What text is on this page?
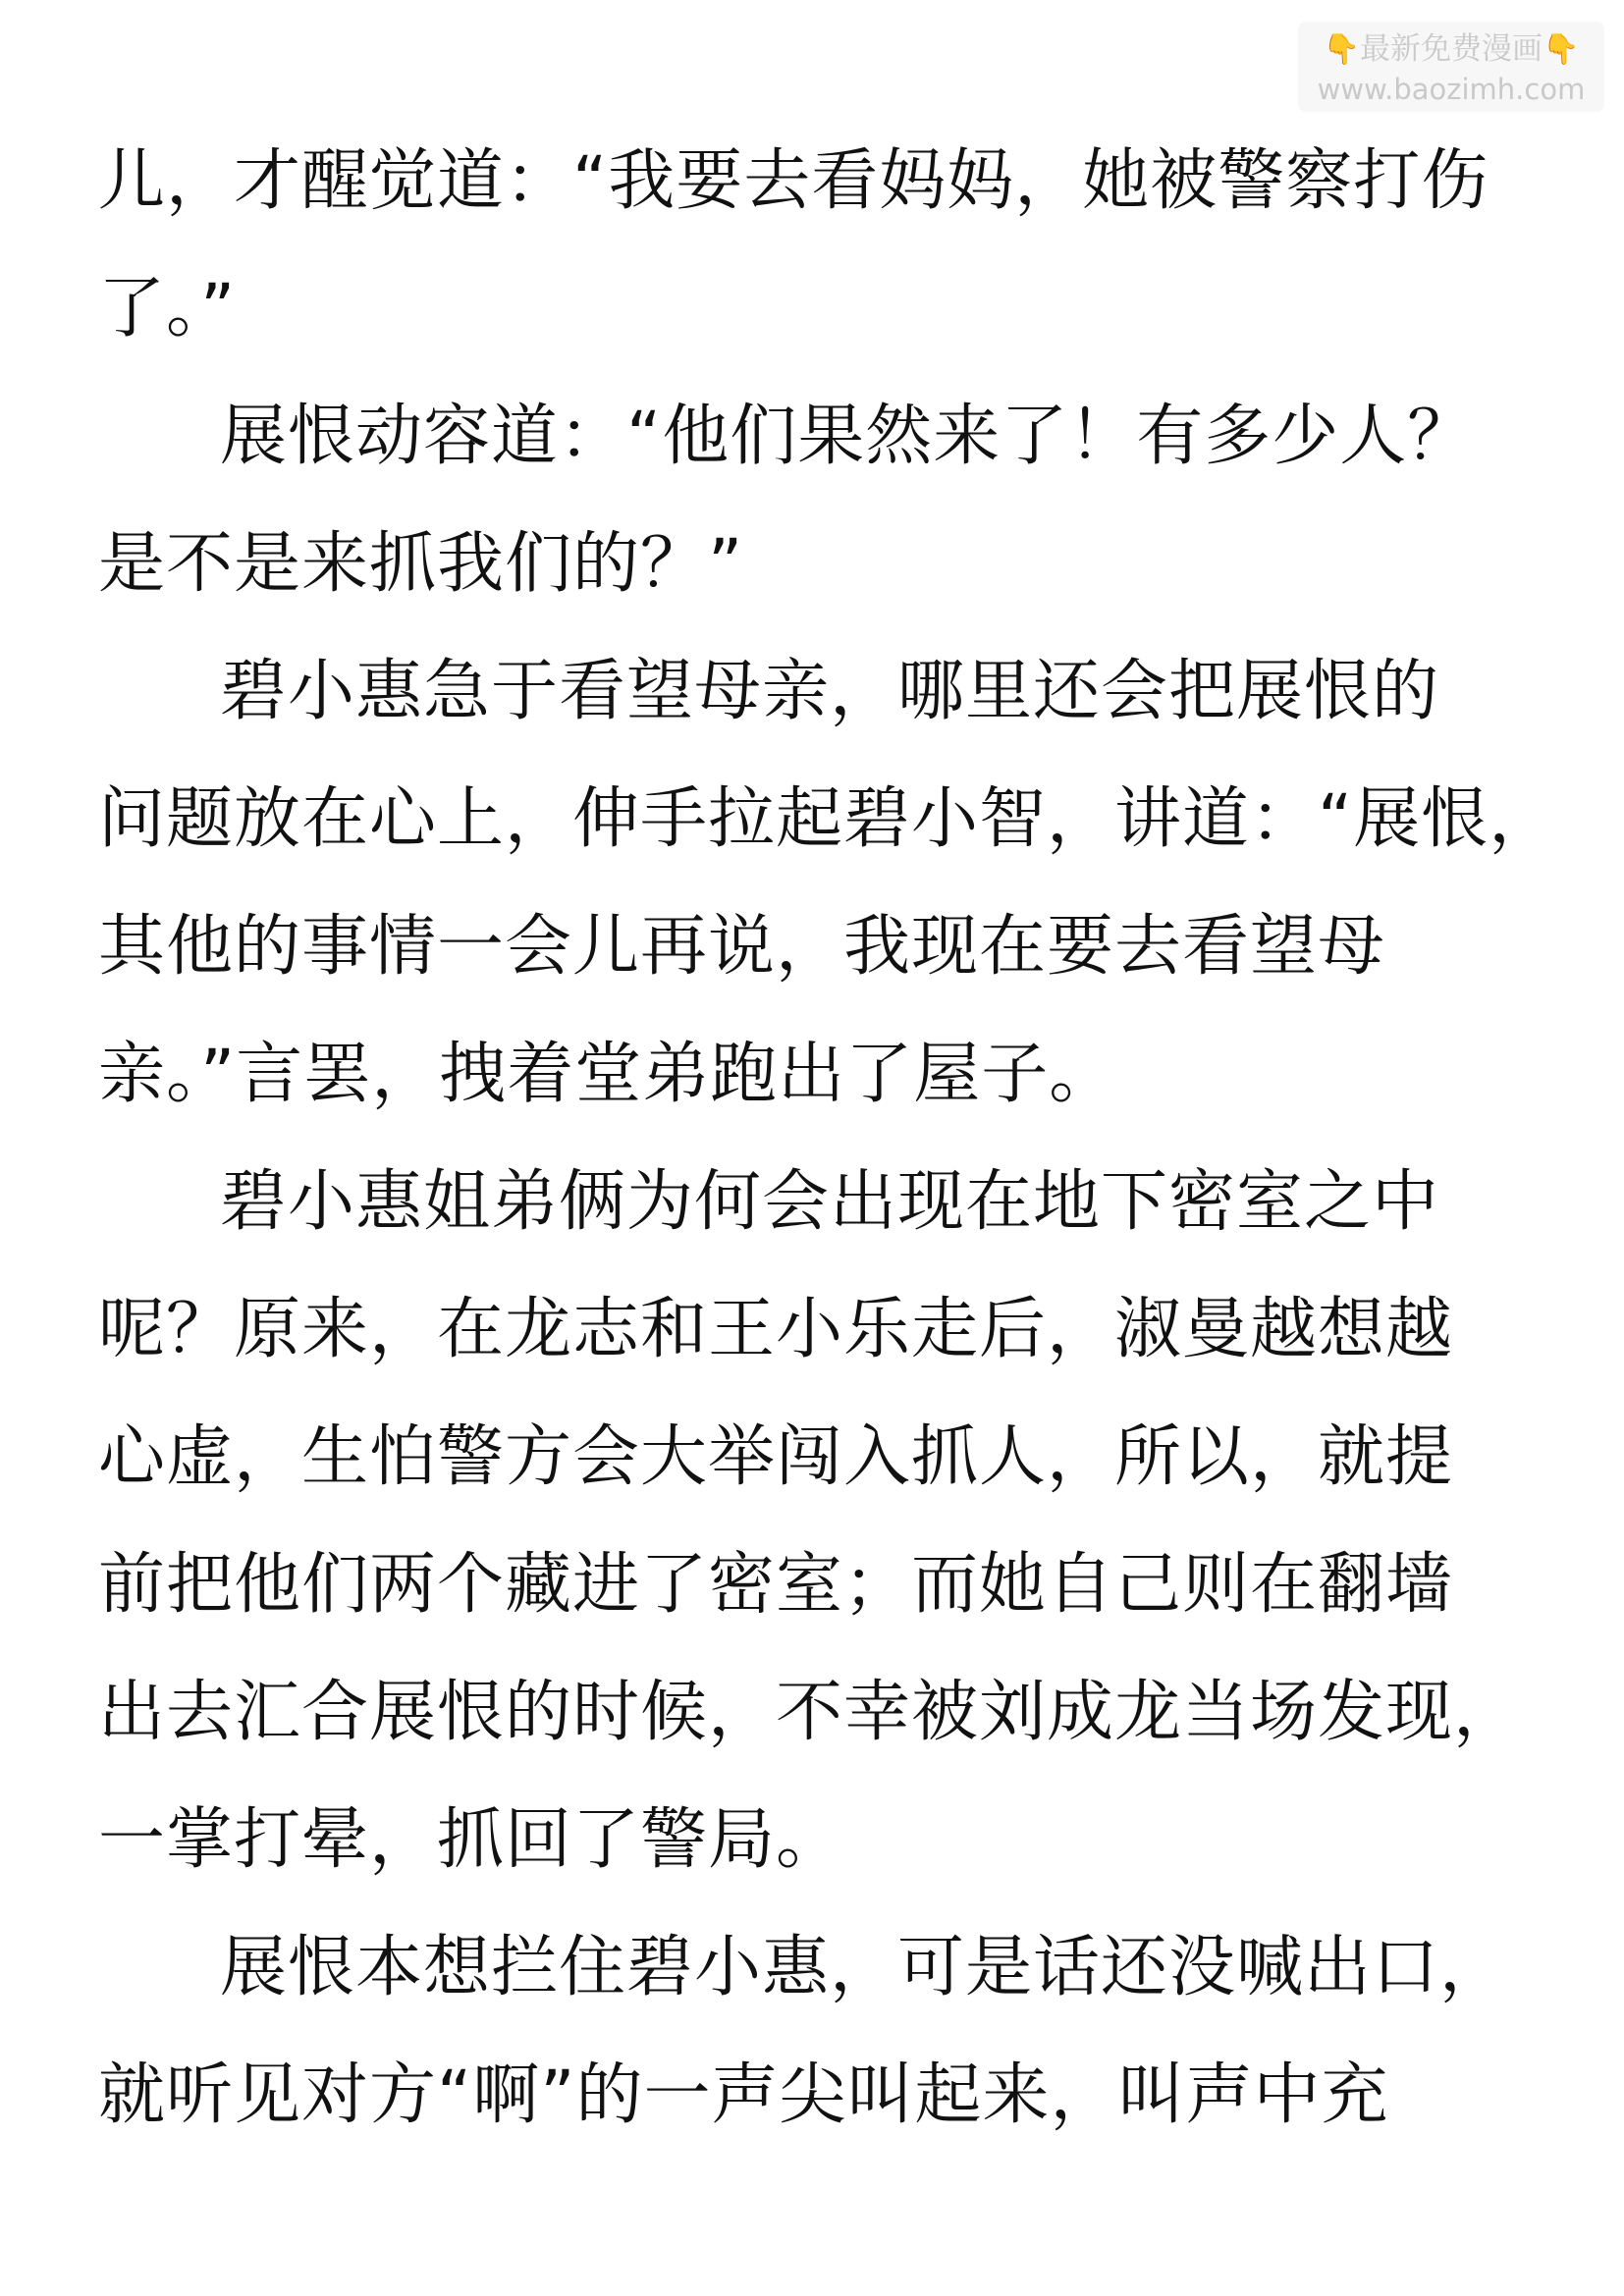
👇最新免费漫画👇
www.baozimh.com
儿，才醒觉道：“我要去看妈妈，她被警察打伤
了。”
展恨动容道：“他们果然来了！有多少人？
是不是来抓我们的？”
碧小惠急于看望母亲，哪里还会把展恨的
问题放在心上，伸手拉起碧小智，讲道：“展恨，
其他的事情一会儿再说，我现在要去看望母
亲。”言罢，拽着堂弟跑出了屋子。
碧小惠姐弟俩为何会出现在地下密室之中
呢？原来，在龙志和王小乐走后，淑曼越想越
心虚，生怕警方会大举闯入抓人，所以，就提
前把他们两个藏进了密室；而她自己则在翻墙
出去汇合展恨的时候，不幸被刘成龙当场发现，
一掌打晕，抓回了警局。
展恨本想拦住碧小惠，可是话还没喊出口，
就听见对方“啊”的一声尖叫起来，叫声中充
